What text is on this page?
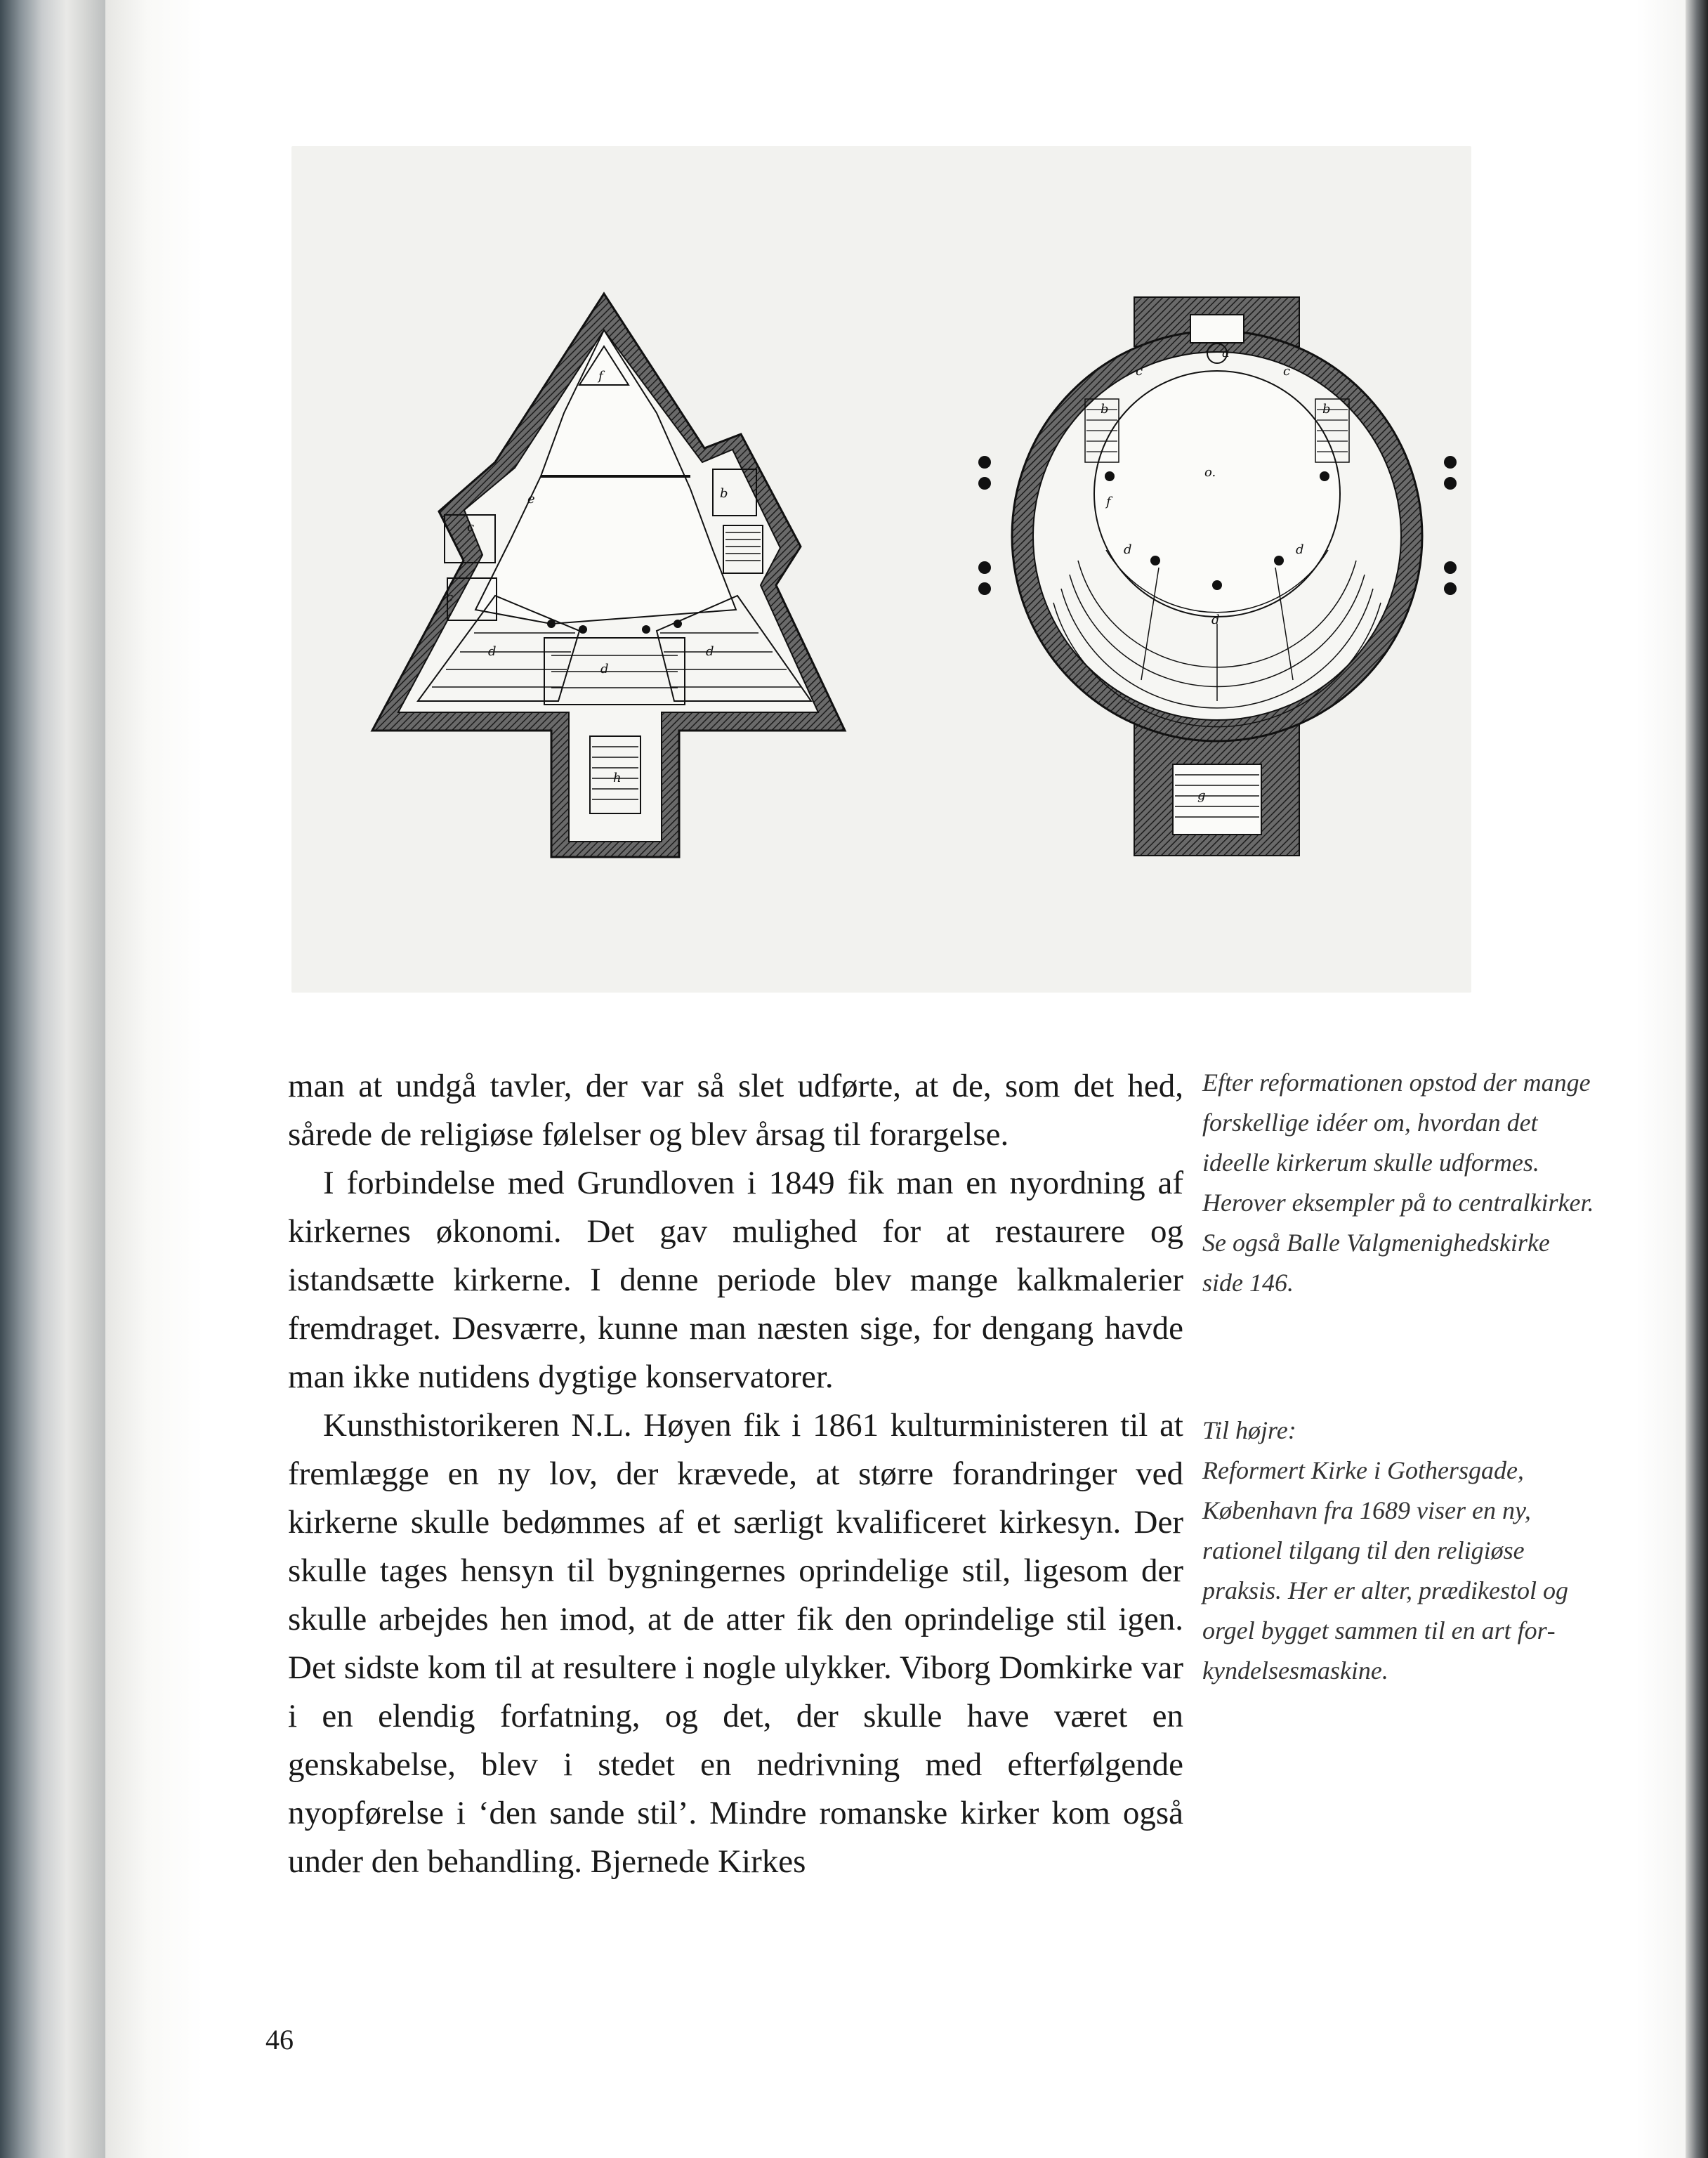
f
c
c
e	b
d
d
d
h
a
c	c
b	b
o.
f
d
d
d
g

man at undgå tavler, der var så slet udførte, at de, som det hed, sårede de religiøse følelser og blev årsag til forargelse.

I forbindelse med Grundloven i 1849 fik man en nyordning af kirkernes økonomi. Det gav mulighed for at restaurere og istandsætte kirkerne. I denne periode blev mange kalkmalerier fremdraget. Desværre, kunne man næsten sige, for dengang havde man ikke nutidens dygtige konservatorer.

Kunsthistorikeren N.L. Høyen fik i 1861 kulturministeren til at fremlægge en ny lov, der krævede, at større forandringer ved kirkerne skulle bedømmes af et særligt kvalificeret kirkesyn. Der skulle tages hensyn til bygningernes oprindelige stil, ligesom der skulle arbejdes hen imod, at de atter fik den oprindelige stil igen. Det sidste kom til at resultere i nogle ulykker. Viborg Domkirke var i en elendig forfatning, og det, der skulle have været en genskabelse, blev i stedet en nedrivning med efterfølgende nyopførelse i ‘den sande stil’. Mindre romanske kirker kom også under den behandling. Bjernede Kirkes

Efter reformationen opstod der mange forskellige idéer om, hvordan det ideelle kirkerum skulle udformes. Herover eksempler på to centralkirker. Se også Balle Valgmenighedskirke side 146.
Til højre:
Reformert Kirke i Gothersgade, København fra 1689 viser en ny, rationel tilgang til den religiøse praksis. Her er alter, prædikestol og orgel bygget sammen til en art forkyndelsesmaskine.
46
